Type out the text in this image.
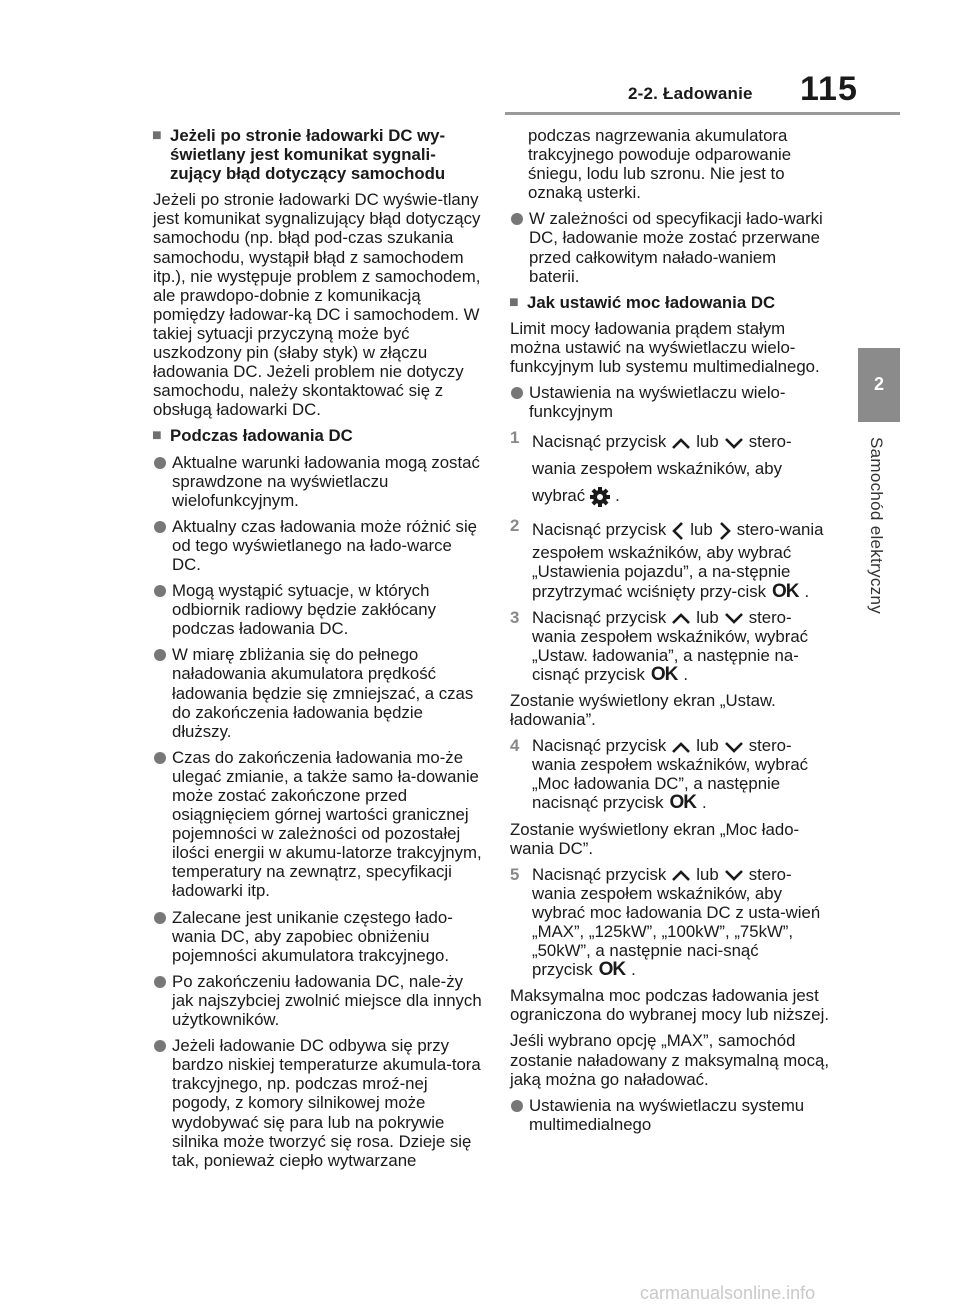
2-2. Ładowanie 115
2
Samochód elektryczny
■ Jeżeli po stronie ładowarki DC wy-świetlany jest komunikat sygnali-zujący błąd dotyczący samochodu
Jeżeli po stronie ładowarki DC wyświe-tlany jest komunikat sygnalizujący błąd dotyczący samochodu (np. błąd pod-czas szukania samochodu, wystąpił błąd z samochodem itp.), nie występuje problem z samochodem, ale prawdopo-dobnie z komunikacją pomiędzy ładowar-ką DC i samochodem. W takiej sytuacji przyczyną może być uszkodzony pin (słaby styk) w złączu ładowania DC. Jeżeli problem nie dotyczy samochodu, należy skontaktować się z obsługą ładowarki DC.
■ Podczas ładowania DC
Aktualne warunki ładowania mogą zostać sprawdzone na wyświetlaczu wielofunkcyjnym.
Aktualny czas ładowania może różnić się od tego wyświetlanego na łado-warce DC.
Mogą wystąpić sytuacje, w których odbiornik radiowy będzie zakłócany podczas ładowania DC.
W miarę zbliżania się do pełnego naładowania akumulatora prędkość ładowania będzie się zmniejszać, a czas do zakończenia ładowania będzie dłuższy.
Czas do zakończenia ładowania mo-że ulegać zmianie, a także samo ła-dowanie może zostać zakończone przed osiągnięciem górnej wartości granicznej pojemności w zależności od pozostałej ilości energii w akumu-latorze trakcyjnym, temperatury na zewnątrz, specyfikacji ładowarki itp.
Zalecane jest unikanie częstego łado-wania DC, aby zapobiec obniżeniu pojemności akumulatora trakcyjnego.
Po zakończeniu ładowania DC, nale-ży jak najszybciej zwolnić miejsce dla innych użytkowników.
Jeżeli ładowanie DC odbywa się przy bardzo niskiej temperaturze akumula-tora trakcyjnego, np. podczas mroź-nej pogody, z komory silnikowej może wydobywać się para lub na pokrywie silnika może tworzyć się rosa. Dzieje się tak, ponieważ ciepło wytwarzane
podczas nagrzewania akumulatora trakcyjnego powoduje odparowanie śniegu, lodu lub szronu. Nie jest to oznaką usterki.
W zależności od specyfikacji łado-warki DC, ładowanie może zostać przerwane przed całkowitym nałado-waniem baterii.
■ Jak ustawić moc ładowania DC
Limit mocy ładowania prądem stałym można ustawić na wyświetlaczu wielo-funkcyjnym lub systemu multimedialnego.
Ustawienia na wyświetlaczu wielo-funkcyjnym
1 Nacisnąć przycisk lub stero-wania zespołem wskaźników, aby wybrać .
2 Nacisnąć przycisk lub stero-wania zespołem wskaźników, aby wybrać „Ustawienia pojazdu”, a na-stępnie przytrzymać wciśnięty przy-cisk OK .
3 Nacisnąć przycisk lub stero-wania zespołem wskaźników, wybrać „Ustaw. ładowania”, a następnie na-cisnąć przycisk OK .
Zostanie wyświetlony ekran „Ustaw. ładowania”.
4 Nacisnąć przycisk lub stero-wania zespołem wskaźników, wybrać „Moc ładowania DC”, a następnie nacisnąć przycisk OK .
Zostanie wyświetlony ekran „Moc łado-wania DC”.
5 Nacisnąć przycisk lub stero-wania zespołem wskaźników, aby wybrać moc ładowania DC z usta-wień „MAX”, „125kW”, „100kW”, „75kW”, „50kW”, a następnie naci-snąć przycisk OK .
Maksymalna moc podczas ładowania jest ograniczona do wybranej mocy lub niższej.
Jeśli wybrano opcję „MAX”, samochód zostanie naładowany z maksymalną mocą, jaką można go naładować.
Ustawienia na wyświetlaczu systemu multimedialnego
carmanualsonline.info
